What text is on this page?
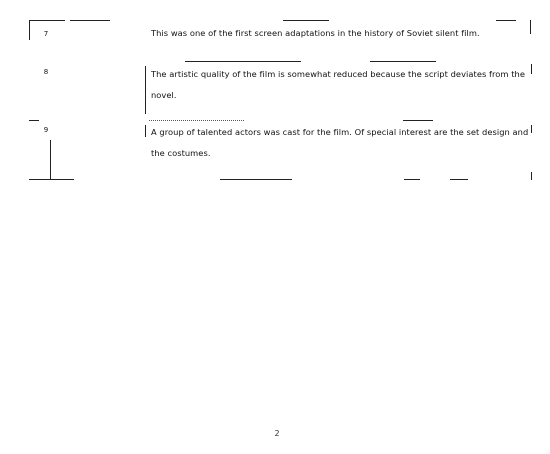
7	This was one of the first screen adaptations in the history of Soviet silent film.
8	The artistic quality of the film is somewhat reduced because the script deviates from the novel.
9	A group of talented actors was cast for the film. Of special interest are the set design and the costumes.
2
